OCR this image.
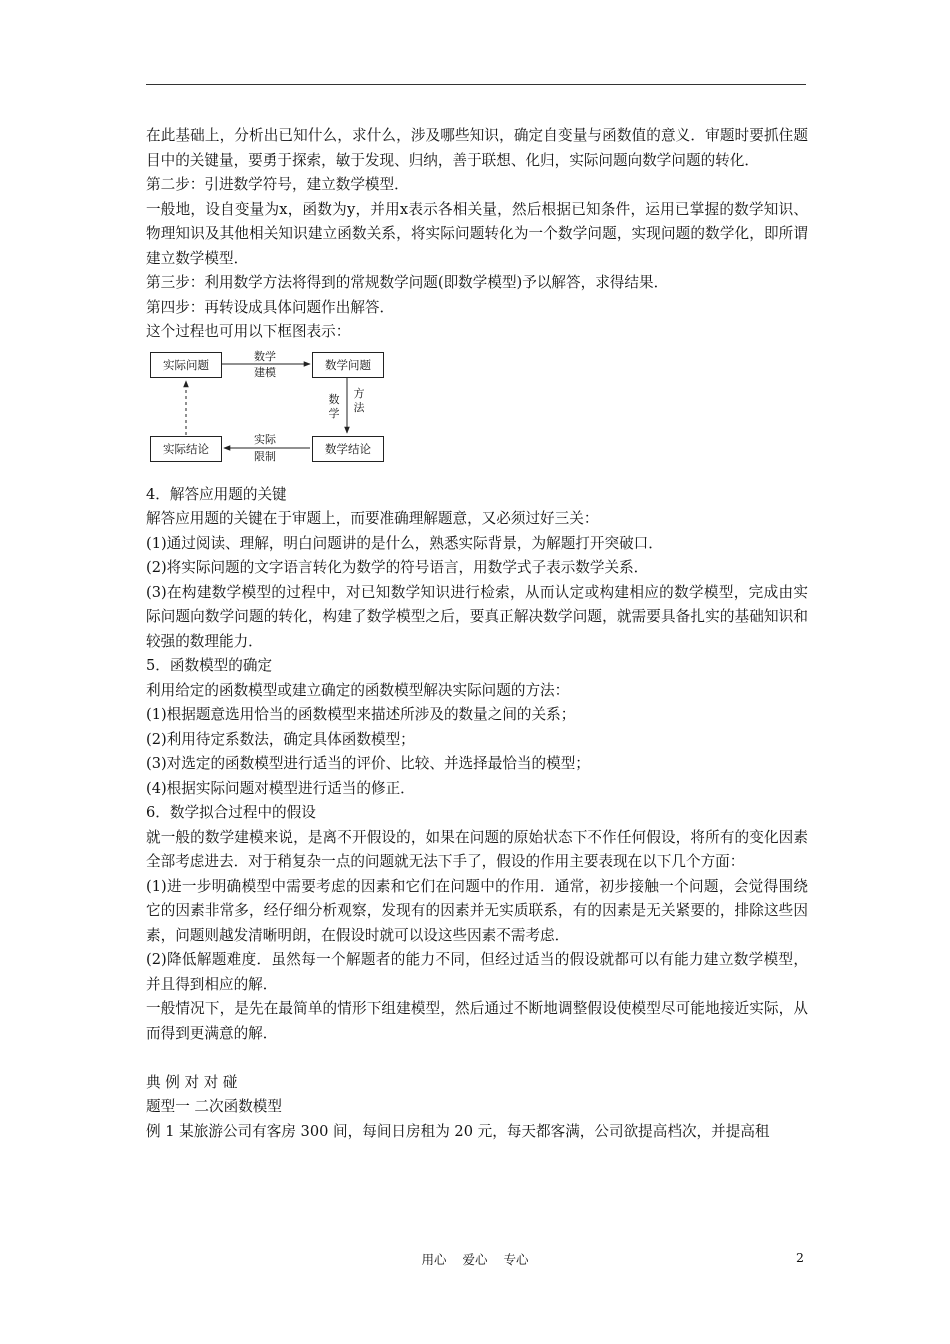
在此基础上，分析出已知什么，求什么，涉及哪些知识，确定自变量与函数值的意义．审题时要抓住题目中的关键量，要勇于探索，敏于发现、归纳，善于联想、化归，实际问题向数学问题的转化．

第二步：引进数学符号，建立数学模型．

一般地，设自变量为x，函数为y，并用x表示各相关量，然后根据已知条件，运用已掌握的数学知识、物理知识及其他相关知识建立函数关系，将实际问题转化为一个数学问题，实现问题的数学化，即所谓建立数学模型．

第三步：利用数学方法将得到的常规数学问题(即数学模型)予以解答，求得结果．

第四步：再转设成具体问题作出解答．

这个过程也可用以下框图表示：

实际问题	数学问题
数学结论
实际结论
数学
建模
实际
限制
数
学
方
法

4．解答应用题的关键

解答应用题的关键在于审题上，而要准确理解题意，又必须过好三关：

(1)通过阅读、理解，明白问题讲的是什么，熟悉实际背景，为解题打开突破口．

(2)将实际问题的文字语言转化为数学的符号语言，用数学式子表示数学关系．

(3)在构建数学模型的过程中，对已知数学知识进行检索，从而认定或构建相应的数学模型，完成由实际问题向数学问题的转化，构建了数学模型之后，要真正解决数学问题，就需要具备扎实的基础知识和较强的数理能力．

5．函数模型的确定

利用给定的函数模型或建立确定的函数模型解决实际问题的方法：

(1)根据题意选用恰当的函数模型来描述所涉及的数量之间的关系；

(2)利用待定系数法，确定具体函数模型；

(3)对选定的函数模型进行适当的评价、比较、并选择最恰当的模型；

(4)根据实际问题对模型进行适当的修正．

6．数学拟合过程中的假设

就一般的数学建模来说，是离不开假设的，如果在问题的原始状态下不作任何假设，将所有的变化因素全部考虑进去．对于稍复杂一点的问题就无法下手了，假设的作用主要表现在以下几个方面：

(1)进一步明确模型中需要考虑的因素和它们在问题中的作用．通常，初步接触一个问题，会觉得围绕它的因素非常多，经仔细分析观察，发现有的因素并无实质联系，有的因素是无关紧要的，排除这些因素，问题则越发清晰明朗，在假设时就可以设这些因素不需考虑．

(2)降低解题难度．虽然每一个解题者的能力不同，但经过适当的假设就都可以有能力建立数学模型，并且得到相应的解．

一般情况下，是先在最简单的情形下组建模型，然后通过不断地调整假设使模型尽可能地接近实际，从而得到更满意的解．

典 例 对 对 碰

题型一 二次函数模型

例 1 某旅游公司有客房 300 间，每间日房租为 20 元，每天都客满，公司欲提高档次，并提高租

用心 爱心 专心	2
